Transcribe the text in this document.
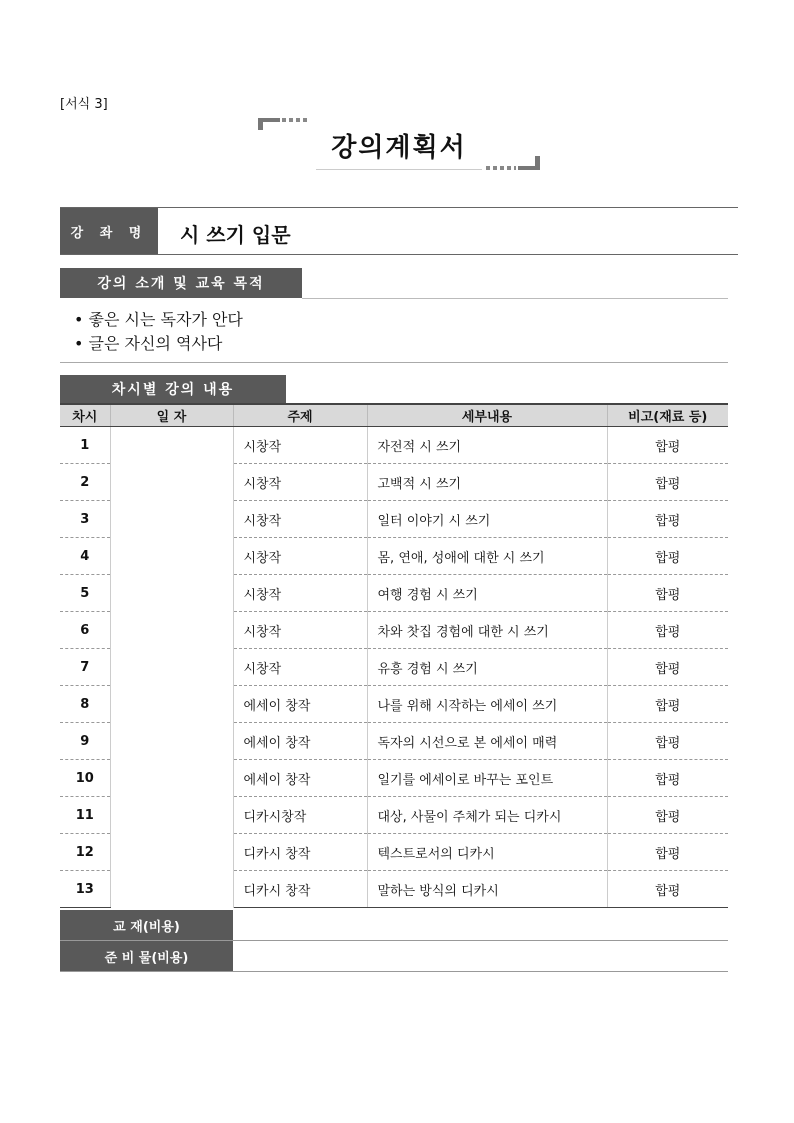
[서식 3]
강의계획서
강 좌 명	시 쓰기 입문
강의 소개 및 교육 목적
• 좋은 시는 독자가 안다
• 글은 자신의 역사다
차시별 강의 내용
차시	일 자	주제	세부내용	비고(재료 등)
1		시창작	자전적 시 쓰기	합평
2		시창작	고백적 시 쓰기	합평
3		시창작	일터 이야기 시 쓰기	합평
4		시창작	몸, 연애, 성애에 대한 시 쓰기	합평
5		시창작	여행 경험 시 쓰기	합평
6		시창작	차와 찻집 경험에 대한 시 쓰기	합평
7		시창작	유흥 경험 시 쓰기	합평
8		에세이 창작	나를 위해 시작하는 에세이 쓰기	합평
9		에세이 창작	독자의 시선으로 본 에세이 매력	합평
10		에세이 창작	일기를 에세이로 바꾸는 포인트	합평
11		디카시창작	대상, 사물이 주체가 되는 디카시	합평
12		디카시 창작	텍스트로서의 디카시	합평
13		디카시 창작	말하는 방식의 디카시	합평
교 재(비용)
준 비 물(비용)
